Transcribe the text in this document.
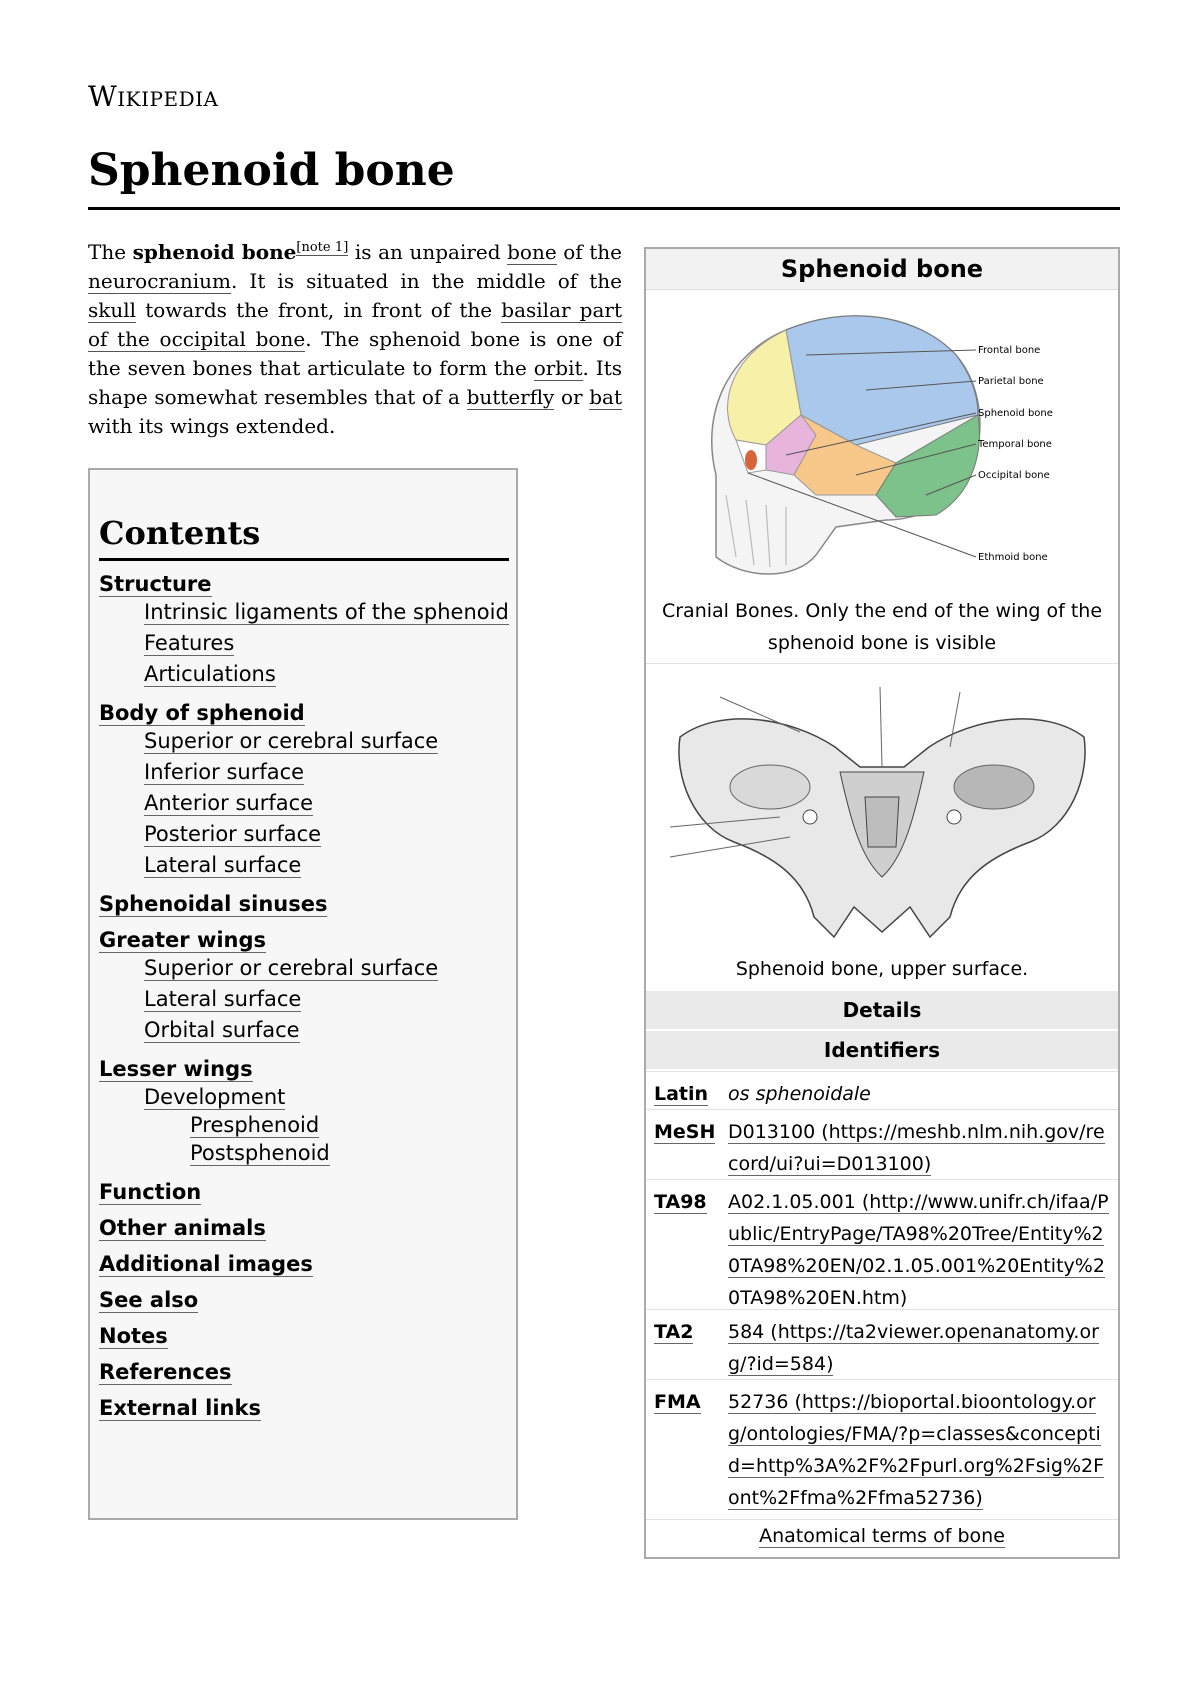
Wikipedia
Sphenoid bone

The sphenoid bone[note 1] is an unpaired bone of the neurocranium. It is situated in the middle of the skull towards the front, in front of the basilar part of the occipital bone. The sphenoid bone is one of the seven bones that articulate to form the orbit. Its shape somewhat resembles that of a butterfly or bat with its wings extended.

Contents
Structure
Intrinsic ligaments of the sphenoid
Features
Articulations
Body of sphenoid
Superior or cerebral surface
Inferior surface
Anterior surface
Posterior surface
Lateral surface
Sphenoidal sinuses
Greater wings
Superior or cerebral surface
Lateral surface
Orbital surface
Lesser wings
Development
Presphenoid
Postsphenoid
Function
Other animals
Additional images
See also
Notes
References
External links
Sphenoid bone
Frontal bone
Parietal bone
Sphenoid bone
Temporal bone
Occipital bone
Ethmoid bone
Cranial Bones. Only the end of the wing of the sphenoid bone is visible
Sphenoid bone, upper surface.
Details
Identifiers
Latin os sphenoidale
MeSH D013100 (https://meshb.nlm.nih.gov/record/ui?ui=D013100)
TA98 A02.1.05.001 (http://www.unifr.ch/ifaa/Public/EntryPage/TA98%20Tree/Entity%20TA98%20EN/02.1.05.001%20Entity%20TA98%20EN.htm)
TA2 584 (https://ta2viewer.openanatomy.org/?id=584)
FMA 52736 (https://bioportal.bioontology.org/ontologies/FMA/?p=classes&conceptid=http%3A%2F%2Fpurl.org%2Fsig%2Font%2Ffma%2Ffma52736)
Anatomical terms of bone
